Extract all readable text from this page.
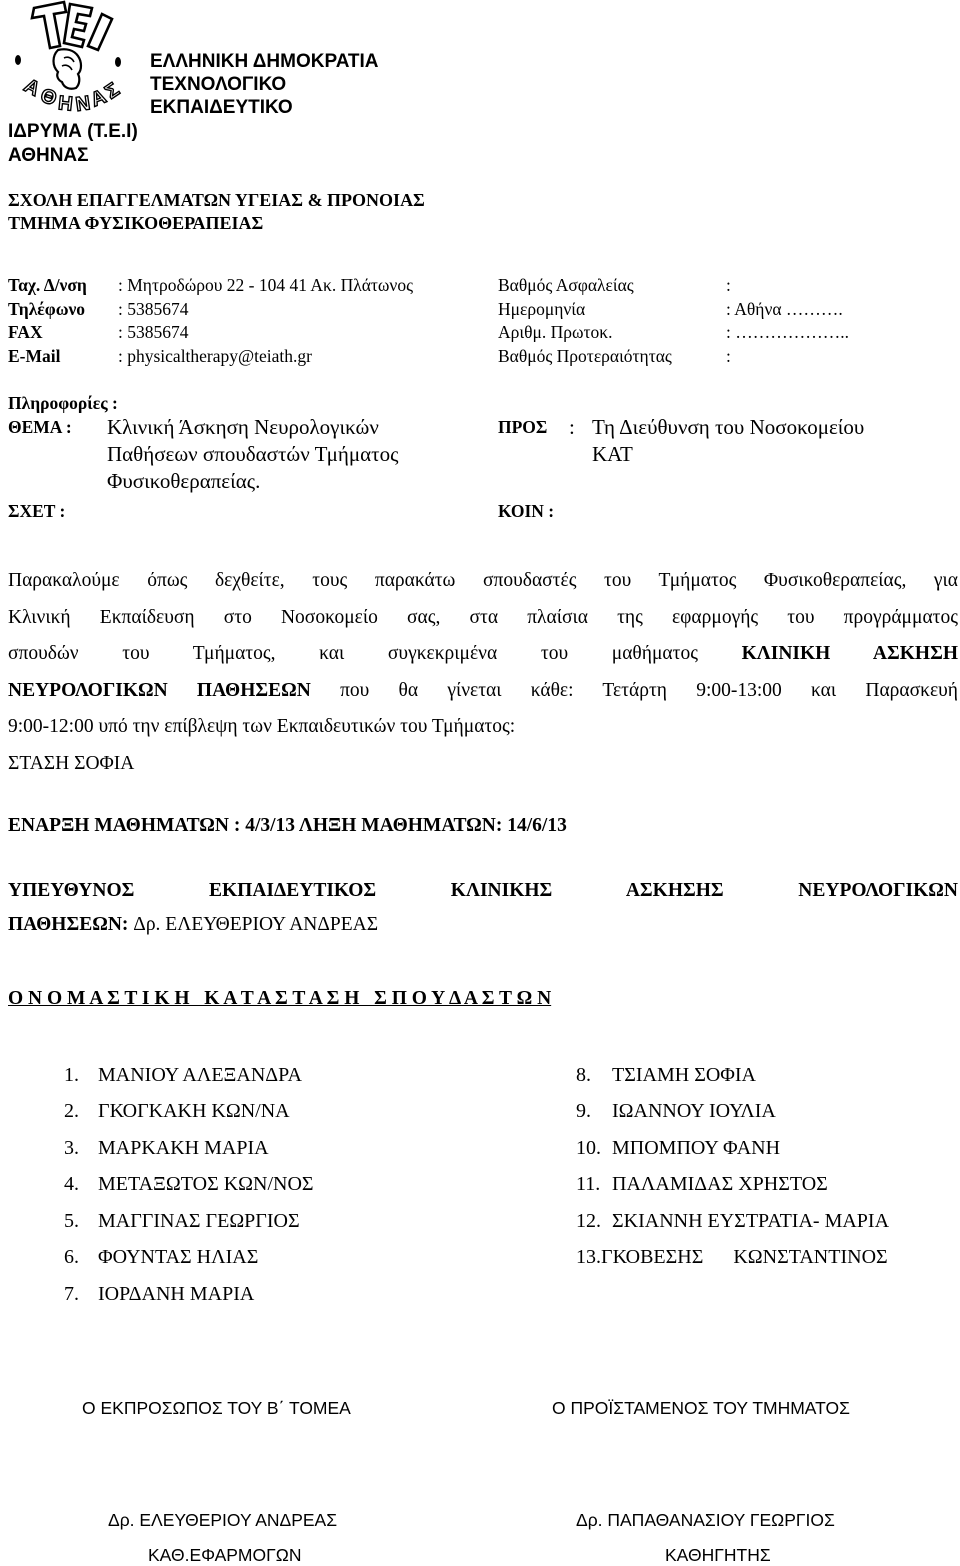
Α
Θ
Η Ν
Α
Σ
ΕΛΛΗΝΙΚΗ ΔΗΜΟΚΡΑΤΙΑ
ΤΕΧΝΟΛΟΓΙΚΟ
ΕΚΠΑΙΔΕΥΤΙΚΟ
ΙΔΡΥΜΑ (Τ.Ε.Ι)
ΑΘΗΝΑΣ
ΣΧΟΛΗ ΕΠΑΓΓΕΛΜΑΤΩΝ ΥΓΕΙΑΣ & ΠΡΟΝΟΙΑΣ
ΤΜΗΜΑ ΦΥΣΙΚΟΘΕΡΑΠΕΙΑΣ
Ταχ. Δ/νση : Μητροδώρου 22 - 104 41 Ακ. Πλάτωνος	Βαθμός Ασφαλείας	:
Τηλέφωνο : 5385674	Ημερομηνία	: Αθήνα ……….
FAX	: 5385674	Αριθμ. Πρωτοκ.	: ………………..
E-Mail	: physicaltherapy@teiath.gr	Βαθμός Προτεραιότητας	:
Πληροφορίες :
ΘΕΜΑ : Κλινική Άσκηση Νευρολογικών
Παθήσεων σπουδαστών Τμήματος
Φυσικοθεραπείας.
ΣΧΕΤ :
ΠΡΟΣ : Τη Διεύθυνση του Νοσοκομείου
ΚΑΤ
ΚΟΙΝ :
Παρακαλούμε όπως δεχθείτε, τους παρακάτω σπουδαστές του Τμήματος Φυσικοθεραπείας, για
Κλινική Εκπαίδευση στο Νοσοκομείο σας, στα πλαίσια της εφαρμογής του προγράμματος
σπουδών του Τμήματος, και συγκεκριμένα του μαθήματος ΚΛΙΝΙΚΗ ΑΣΚΗΣΗ
ΝΕΥΡΟΛΟΓΙΚΩΝ ΠΑΘΗΣΕΩΝ που θα γίνεται κάθε: Τετάρτη 9:00-13:00 και Παρασκευή
9:00-12:00 υπό την επίβλεψη των Εκπαιδευτικών του Τμήματος:
ΣΤΑΣΗ ΣΟΦΙΑ
ΕΝΑΡΞΗ ΜΑΘΗΜΑΤΩΝ : 4/3/13 ΛΗΞΗ ΜΑΘΗΜΑΤΩΝ: 14/6/13
ΥΠΕΥΘΥΝΟΣ ΕΚΠΑΙΔΕΥΤΙΚΟΣ ΚΛΙΝΙΚΗΣ ΑΣΚΗΣΗΣ ΝΕΥΡΟΛΟΓΙΚΩΝ
ΠΑΘΗΣΕΩΝ: Δρ. ΕΛΕΥΘΕΡΙΟΥ ΑΝΔΡΕΑΣ
Ο Ν Ο Μ Α Σ Τ Ι Κ Η   Κ Α Τ Α Σ Τ Α Σ Η   Σ Π Ο Υ Δ Α Σ Τ Ω Ν
1. ΜΑΝΙΟΥ ΑΛΕΞΑΝΔΡΑ
2. ΓΚΟΓΚΑΚΗ ΚΩΝ/ΝΑ
3. ΜΑΡΚΑΚΗ ΜΑΡΙΑ
4. ΜΕΤΑΞΩΤΟΣ ΚΩΝ/ΝΟΣ
5. ΜΑΓΓΙΝΑΣ ΓΕΩΡΓΙΟΣ
6. ΦΟΥΝΤΑΣ ΗΛΙΑΣ
7. ΙΟΡΔΑΝΗ ΜΑΡΙΑ
8. ΤΣΙΑΜΗ ΣΟΦΙΑ
9. ΙΩΑΝΝΟΥ ΙΟΥΛΙΑ
10. ΜΠΟΜΠΟΥ ΦΑΝΗ
11. ΠΑΛΑΜΙΔΑΣ ΧΡΗΣΤΟΣ
12. ΣΚΙΑΝΝΗ ΕΥΣΤΡΑΤΙΑ- ΜΑΡΙΑ
13.ΓΚΟΒΕΣΗΣ      ΚΩΝΣΤΑΝΤΙΝΟΣ
Ο ΕΚΠΡΟΣΩΠΟΣ ΤΟΥ Β΄ ΤΟΜΕΑ	Ο ΠΡΟΪΣΤΑΜΕΝΟΣ ΤΟΥ ΤΜΗΜΑΤΟΣ
Δρ. ΕΛΕΥΘΕΡΙΟΥ ΑΝΔΡΕΑΣ	Δρ. ΠΑΠΑΘΑΝΑΣΙΟΥ ΓΕΩΡΓΙΟΣ
ΚΑΘ.ΕΦΑΡΜΟΓΩΝ	ΚΑΘΗΓΗΤΗΣ
